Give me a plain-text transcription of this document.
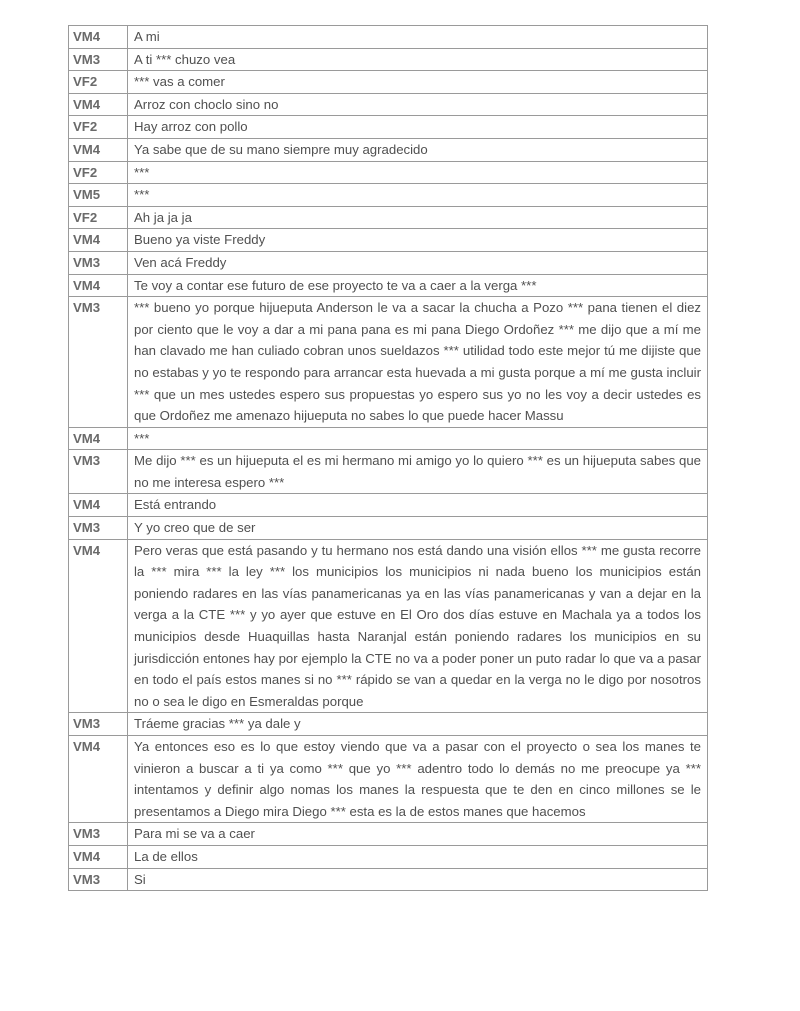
VM4	A mi
VM3	A ti *** chuzo vea
VF2	*** vas a comer
VM4	Arroz con choclo sino no
VF2	Hay arroz con pollo
VM4	Ya sabe que de su mano siempre muy agradecido
VF2	***
VM5	***
VF2	Ah ja ja ja
VM4	Bueno ya viste Freddy
VM3	Ven acá Freddy
VM4	Te voy a contar ese futuro de ese proyecto te va a caer a la verga ***
VM3	*** bueno yo porque hijueputa Anderson le va a sacar la chucha a Pozo *** pana tienen el diez por ciento que le voy a dar a mi pana pana es mi pana Diego Ordoñez *** me dijo que a mí me han clavado me han culiado cobran unos sueldazos *** utilidad todo este mejor tú me dijiste que no estabas y yo te respondo para arrancar esta huevada a mi gusta porque a mí me gusta incluir *** que un mes ustedes espero sus propuestas yo espero sus yo no les voy a decir ustedes es que Ordoñez me amenazo hijueputa no sabes lo que puede hacer Massu
VM4	***
VM3	Me dijo *** es un hijueputa el es mi hermano mi amigo yo lo quiero *** es un hijueputa sabes que no me interesa espero ***
VM4	Está entrando
VM3	Y yo creo que de ser
VM4	Pero veras que está pasando y tu hermano nos está dando una visión ellos *** me gusta recorre la *** mira *** la ley *** los municipios los municipios ni nada bueno los municipios están poniendo radares en las vías panamericanas ya en las vías panamericanas y van a dejar en la verga a la CTE *** y yo ayer que estuve en El Oro dos días estuve en Machala ya a todos los municipios desde Huaquillas hasta Naranjal están poniendo radares los municipios en su jurisdicción entones hay por ejemplo la CTE no va a poder poner un puto radar lo que va a pasar en todo el país estos manes si no *** rápido se van a quedar en la verga no le digo por nosotros no o sea le digo en Esmeraldas porque
VM3	Tráeme gracias *** ya dale y
VM4	Ya entonces eso es lo que estoy viendo que va a pasar con el proyecto o sea los manes te vinieron a buscar a ti ya como *** que yo *** adentro todo lo demás no me preocupe ya *** intentamos y definir algo nomas los manes la respuesta que te den en cinco millones se le presentamos a Diego mira Diego *** esta es la de estos manes que hacemos
VM3	Para mi se va a caer
VM4	La de ellos
VM3	Si
